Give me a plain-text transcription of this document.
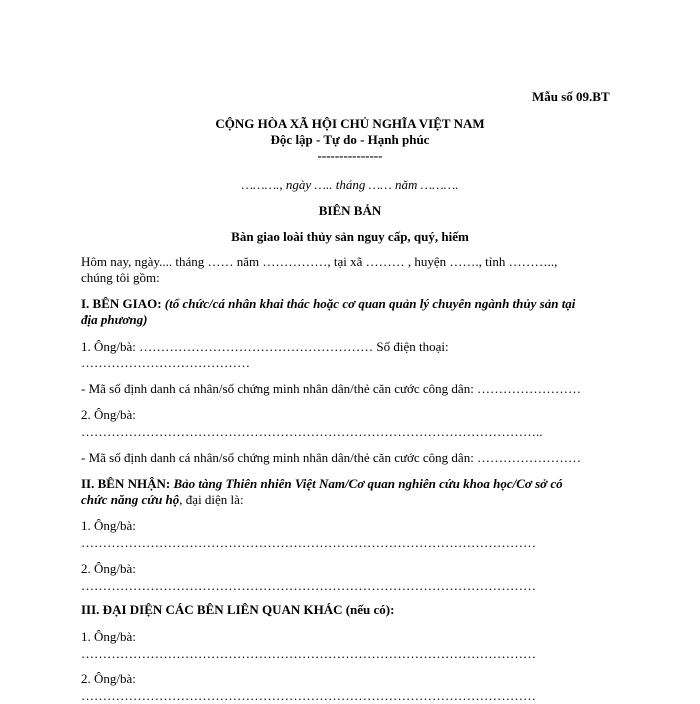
Mẫu số 09.BT
CỘNG HÒA XÃ HỘI CHỦ NGHĨA VIỆT NAM
Độc lập - Tự do - Hạnh phúc
---------------
………., ngày ….. tháng …… năm ……….
BIÊN BẢN
Bàn giao loài thủy sản nguy cấp, quý, hiếm
Hôm nay, ngày.... tháng …… năm ……………, tại xã ……… , huyện ……., tỉnh ………..,
chúng tôi gồm:
I. BÊN GIAO: (tổ chức/cá nhân khai thác hoặc cơ quan quản lý chuyên ngành thủy sản tại
địa phương)
1. Ông/bà: ……………………………………………… Số điện thoại:
…………………………………
- Mã số định danh cá nhân/số chứng minh nhân dân/thẻ căn cước công dân: ……………………
2. Ông/bà:
……………………………………………………………………………………………..
- Mã số định danh cá nhân/số chứng minh nhân dân/thẻ căn cước công dân: ……………………
II. BÊN NHẬN: Bảo tàng Thiên nhiên Việt Nam/Cơ quan nghiên cứu khoa học/Cơ sở có
chức năng cứu hộ, đại diện là:
1. Ông/bà:
……………………………………………………………………………………………
2. Ông/bà:
……………………………………………………………………………………………
III. ĐẠI DIỆN CÁC BÊN LIÊN QUAN KHÁC (nếu có):
1. Ông/bà:
……………………………………………………………………………………………
2. Ông/bà:
……………………………………………………………………………………………
